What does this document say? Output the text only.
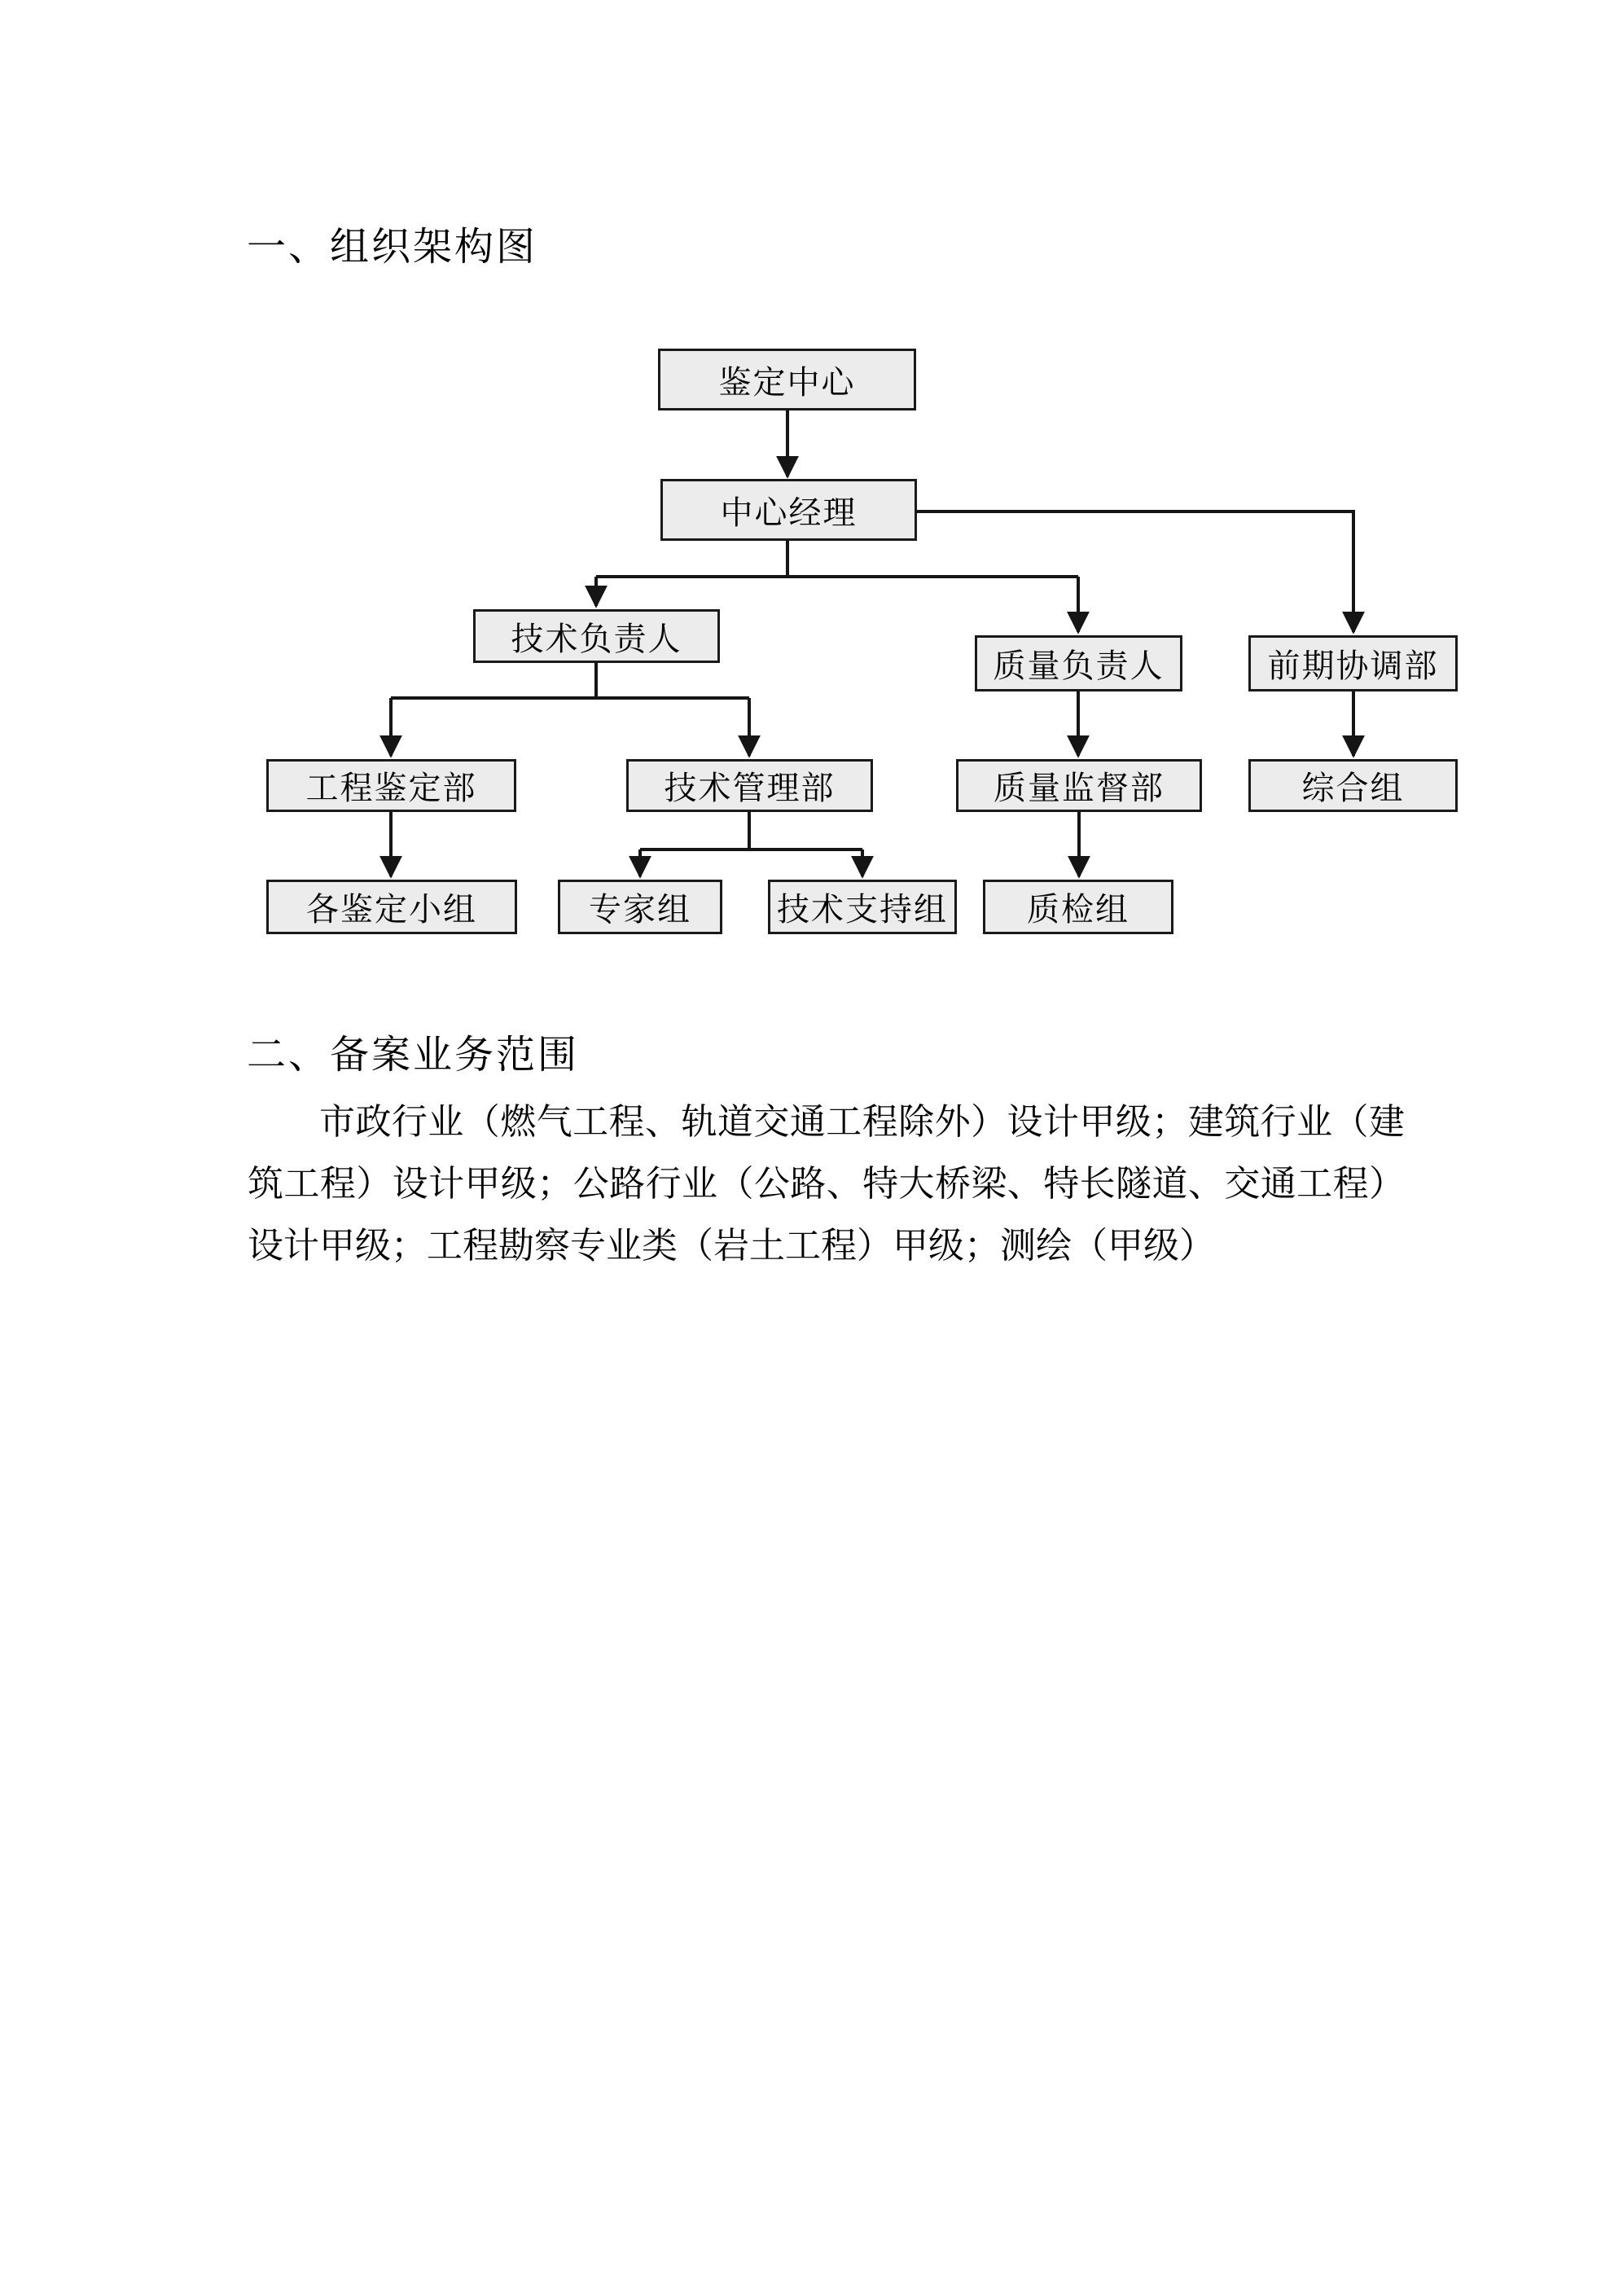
一、组织架构图
鉴定中心
中心经理
技术负责人
质量负责人	前期协调部
工程鉴定部	技术管理部	质量监督部	综合组
各鉴定小组	专家组	技术支持组	质检组
二、备案业务范围

市政行业（燃气工程、轨道交通工程除外）设计甲级；建筑行业（建筑工程）设计甲级；公路行业（公路、特大桥梁、特长隧道、交通工程）设计甲级；工程勘察专业类（岩土工程）甲级；测绘（甲级）
